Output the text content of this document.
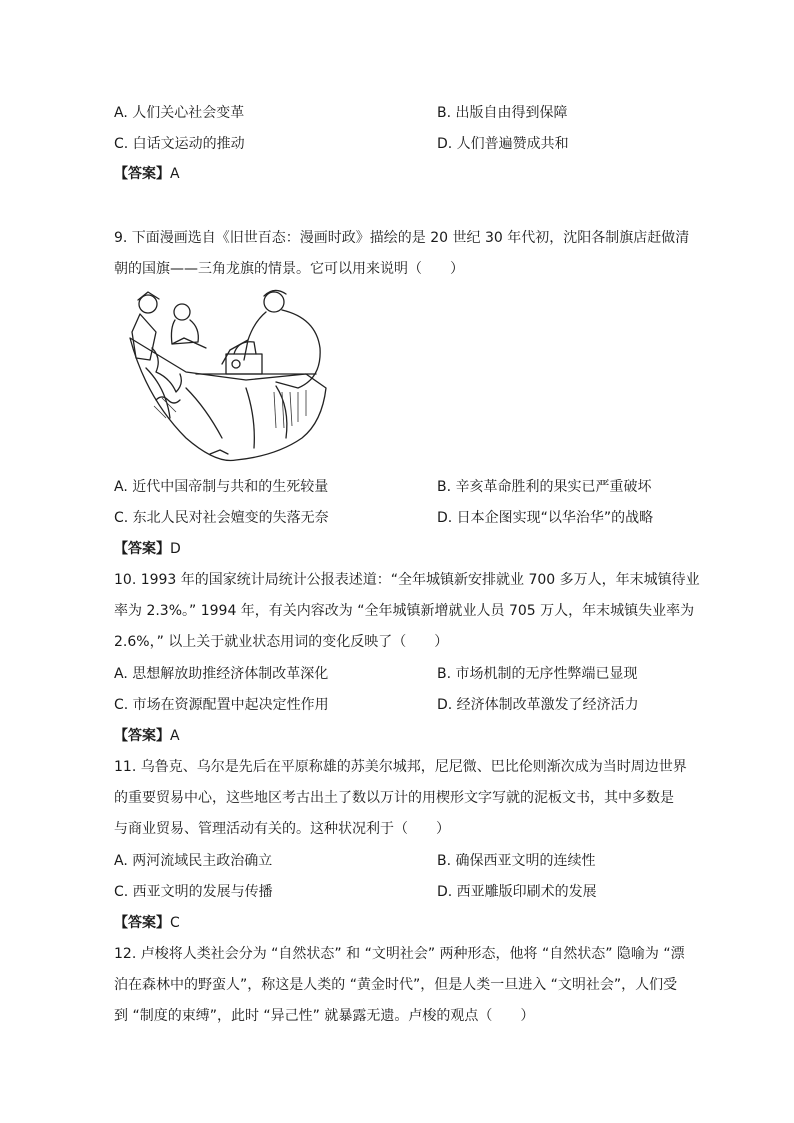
A. 人们关心社会变革	B. 出版自由得到保障
C. 白话文运动的推动	D. 人们普遍赞成共和
【答案】A
9. 下面漫画选自《旧世百态：漫画时政》描绘的是 20 世纪 30 年代初，沈阳各制旗店赶做清
朝的国旗——三角龙旗的情景。它可以用来说明（　　）
A. 近代中国帝制与共和的生死较量	B. 辛亥革命胜利的果实已严重破坏
C. 东北人民对社会嬗变的失落无奈	D. 日本企图实现“以华治华”的战略
【答案】D
10. 1993 年的国家统计局统计公报表述道：“全年城镇新安排就业 700 多万人，年末城镇待业
率为 2.3%。” 1994 年，有关内容改为 “全年城镇新增就业人员 705 万人，年末城镇失业率为
2.6%，” 以上关于就业状态用词的变化反映了（　　）
A. 思想解放助推经济体制改革深化	B. 市场机制的无序性弊端已显现
C. 市场在资源配置中起决定性作用	D. 经济体制改革激发了经济活力
【答案】A
11. 乌鲁克、乌尔是先后在平原称雄的苏美尔城邦，尼尼微、巴比伦则渐次成为当时周边世界
的重要贸易中心，这些地区考古出土了数以万计的用楔形文字写就的泥板文书，其中多数是
与商业贸易、管理活动有关的。这种状况利于（　　）
A. 两河流域民主政治确立	B. 确保西亚文明的连续性
C. 西亚文明的发展与传播	D. 西亚雕版印刷术的发展
【答案】C
12. 卢梭将人类社会分为 “自然状态” 和 “文明社会” 两种形态，他将 “自然状态” 隐喻为 “漂
泊在森林中的野蛮人”，称这是人类的 “黄金时代”，但是人类一旦进入 “文明社会”，人们受
到 “制度的束缚”，此时 “异己性” 就暴露无遗。卢梭的观点（　　）
